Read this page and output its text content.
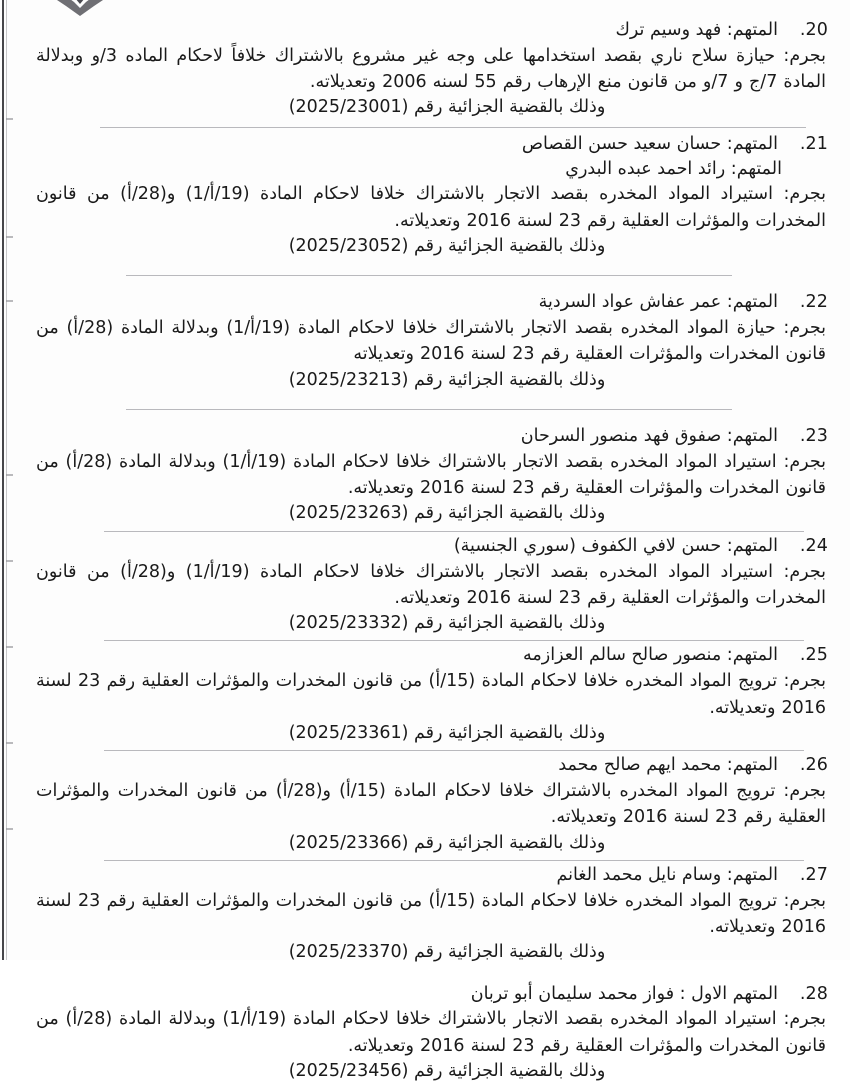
20.المتهم: فهد وسيم ترك
بجرم: حيازة سلاح ناري بقصد استخدامها على وجه غير مشروع بالاشتراك خلافاً لاحكام الماده 3/و وبدلالة المادة 7/ج و 7/و من قانون منع الإرهاب رقم 55 لسنه 2006 وتعديلاته.
وذلك بالقضية الجزائية رقم (2025/23001)
21.المتهم: حسان سعيد حسن القصاص
المتهم: رائد احمد عبده البدري
بجرم: استيراد المواد المخدره بقصد الاتجار بالاشتراك خلافا لاحكام المادة (19/أ/1) و(28/أ) من قانون المخدرات والمؤثرات العقلية رقم 23 لسنة 2016 وتعديلاته.
وذلك بالقضية الجزائية رقم (2025/23052)
22.المتهم: عمر عفاش عواد السردية
بجرم: حيازة المواد المخدره بقصد الاتجار بالاشتراك خلافا لاحكام المادة (19/أ/1) وبدلالة المادة (28/أ) من قانون المخدرات والمؤثرات العقلية رقم 23 لسنة 2016 وتعديلاته
وذلك بالقضية الجزائية رقم (2025/23213)
23.المتهم: صفوق فهد منصور السرحان
بجرم: استيراد المواد المخدره بقصد الاتجار بالاشتراك خلافا لاحكام المادة (19/أ/1) وبدلالة المادة (28/أ) من قانون المخدرات والمؤثرات العقلية رقم 23 لسنة 2016 وتعديلاته.
وذلك بالقضية الجزائية رقم (2025/23263)
24.المتهم: حسن لافي الكفوف (سوري الجنسية)
بجرم: استيراد المواد المخدره بقصد الاتجار بالاشتراك خلافا لاحكام المادة (19/أ/1) و(28/أ) من قانون المخدرات والمؤثرات العقلية رقم 23 لسنة 2016 وتعديلاته.
وذلك بالقضية الجزائية رقم (2025/23332)
25.المتهم: منصور صالح سالم العزازمه
بجرم: ترويج المواد المخدره خلافا لاحكام المادة (15/أ) من قانون المخدرات والمؤثرات العقلية رقم 23 لسنة 2016 وتعديلاته.
وذلك بالقضية الجزائية رقم (2025/23361)
26.المتهم: محمد ايهم صالح محمد
بجرم: ترويج المواد المخدره بالاشتراك خلافا لاحكام المادة (15/أ) و(28/أ) من قانون المخدرات والمؤثرات العقلية رقم 23 لسنة 2016 وتعديلاته.
وذلك بالقضية الجزائية رقم (2025/23366)
27.المتهم: وسام نايل محمد الغانم
بجرم: ترويج المواد المخدره خلافا لاحكام المادة (15/أ) من قانون المخدرات والمؤثرات العقلية رقم 23 لسنة 2016 وتعديلاته.
وذلك بالقضية الجزائية رقم (2025/23370)
28.المتهم الاول : فواز محمد سليمان أبو تربان
بجرم: استيراد المواد المخدره بقصد الاتجار بالاشتراك خلافا لاحكام المادة (19/أ/1) وبدلالة المادة (28/أ) من قانون المخدرات والمؤثرات العقلية رقم 23 لسنة 2016 وتعديلاته.
وذلك بالقضية الجزائية رقم (2025/23456)
